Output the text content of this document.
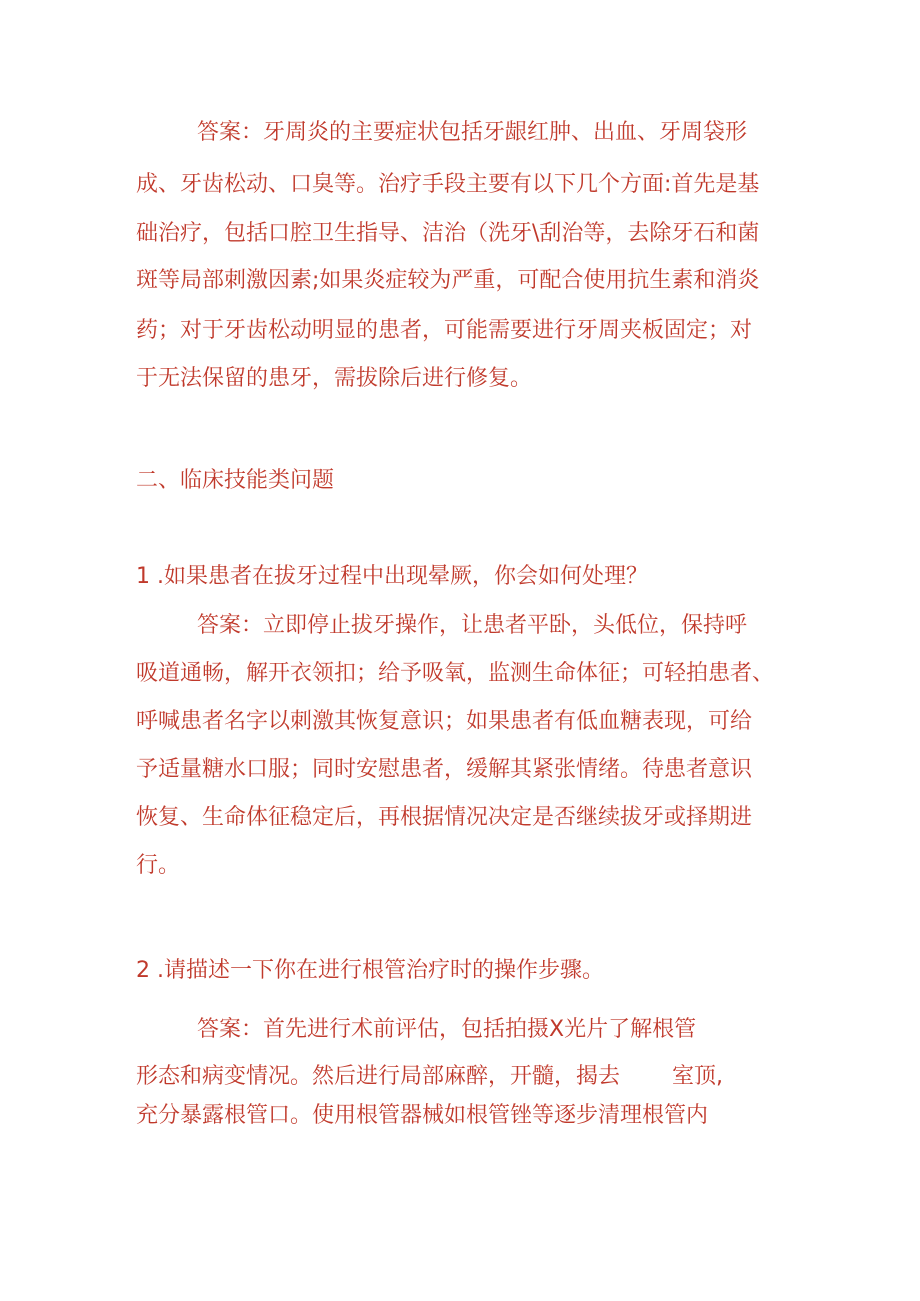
答案：牙周炎的主要症状包括牙龈红肿、出血、牙周袋形
成、牙齿松动、口臭等。治疗手段主要有以下几个方面:首先是基
础治疗，包括口腔卫生指导、洁治（洗牙\刮治等，去除牙石和菌
斑等局部刺激因素;如果炎症较为严重，可配合使用抗生素和消炎
药；对于牙齿松动明显的患者，可能需要进行牙周夹板固定；对
于无法保留的患牙，需拔除后进行修复。
二、临床技能类问题
1 .如果患者在拔牙过程中出现晕厥，你会如何处理？
答案：立即停止拔牙操作，让患者平卧，头低位，保持呼
吸道通畅，解开衣领扣；给予吸氧，监测生命体征；可轻拍患者、
呼喊患者名字以刺激其恢复意识；如果患者有低血糖表现，可给
予适量糖水口服；同时安慰患者，缓解其紧张情绪。待患者意识
恢复、生命体征稳定后，再根据情况决定是否继续拔牙或择期进
行。
2 .请描述一下你在进行根管治疗时的操作步骤。
答案：首先进行术前评估，包括拍摄X光片了解根管
形态和病变情况。然后进行局部麻醉，开髓，揭去 室顶,
充分暴露根管口。使用根管器械如根管锉等逐步清理根管内
